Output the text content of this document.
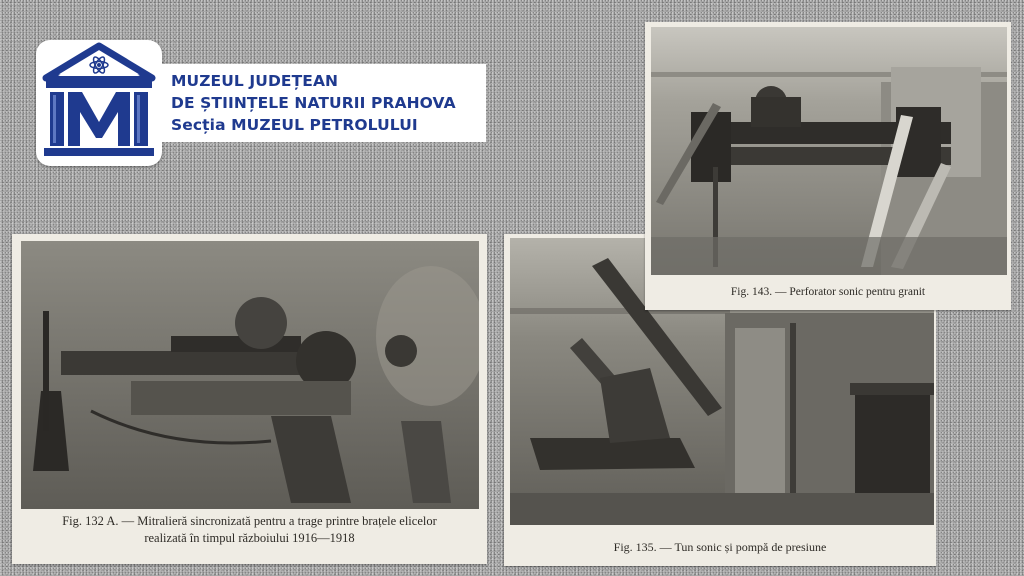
MUZEUL JUDEȚEAN
DE ȘTIINȚELE NATURII PRAHOVA
Secția MUZEUL PETROLULUI
Fig. 132 A. — Mitralieră sincronizată pentru a trage printre brațele elicelor
realizată în timpul războiului 1916—1918
Fig. 135. — Tun sonic și pompă de presiune
Fig. 143. — Perforator sonic pentru granit
